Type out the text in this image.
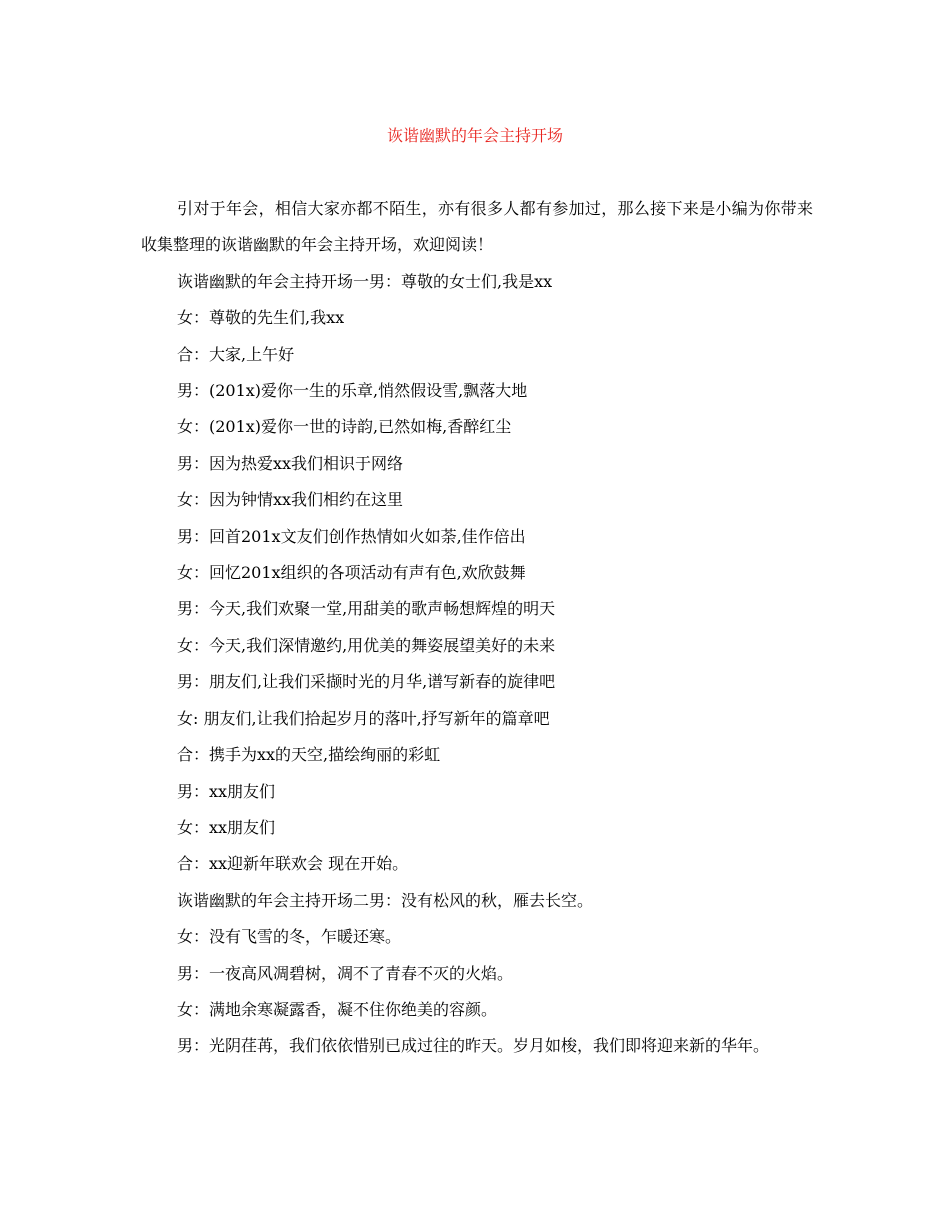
诙谐幽默的年会主持开场

引对于年会，相信大家亦都不陌生，亦有很多人都有参加过，那么接下来是小编为你带来收集整理的诙谐幽默的年会主持开场，欢迎阅读！

诙谐幽默的年会主持开场一男：尊敬的女士们,我是xx

女：尊敬的先生们,我xx

合：大家,上午好

男：(201x)爱你一生的乐章,悄然假设雪,飘落大地

女：(201x)爱你一世的诗韵,已然如梅,香醉红尘

男：因为热爱xx我们相识于网络

女：因为钟情xx我们相约在这里

男：回首201x文友们创作热情如火如荼,佳作倍出

女：回忆201x组织的各项活动有声有色,欢欣鼓舞

男：今天,我们欢聚一堂,用甜美的歌声畅想辉煌的明天

女：今天,我们深情邀约,用优美的舞姿展望美好的未来

男：朋友们,让我们采撷时光的月华,谱写新春的旋律吧

女: 朋友们,让我们拾起岁月的落叶,抒写新年的篇章吧

合：携手为xx的天空,描绘绚丽的彩虹

男：xx朋友们

女：xx朋友们

合：xx迎新年联欢会 现在开始。

诙谐幽默的年会主持开场二男：没有松风的秋，雁去长空。

女：没有飞雪的冬，乍暖还寒。

男：一夜高风凋碧树，凋不了青春不灭的火焰。

女：满地余寒凝露香，凝不住你绝美的容颜。

男：光阴荏苒，我们依依惜别已成过往的昨天。岁月如梭，我们即将迎来新的华年。
